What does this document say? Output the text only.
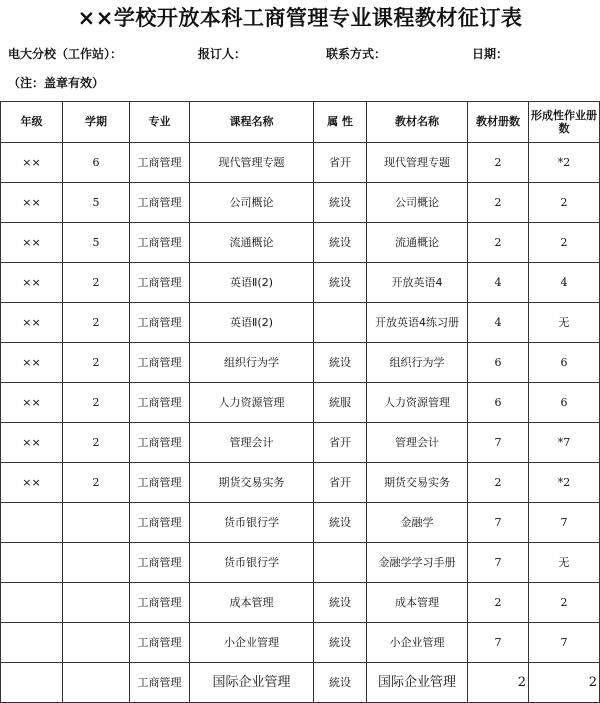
××学校开放本科工商管理专业课程教材征订表
电大分校（工作站）：	报订人：	联系方式：	日期：
（注：盖章有效）
年级	学期	专业	课程名称	属 性	教材名称	教材册数	形成性作业册数
××	6	工商管理	现代管理专题	省开	现代管理专题	2	*2
××	5	工商管理	公司概论	統设	公司概论	2	2
××	5	工商管理	流通概论	統设	流通概论	2	2
××	2	工商管理	英语Ⅱ(2)	統设	开放英语4	4	4
××	2	工商管理	英语Ⅱ(2)		开放英语4练习册	4	无
××	2	工商管理	组织行为学	統设	组织行为学	6	6
××	2	工商管理	人力资源管理	統服	人力资源管理	6	6
××	2	工商管理	管理会计	省开	管理会计	7	*7
××	2	工商管理	期货交易实务	省开	期货交易实务	2	*2
		工商管理	货币银行学	統设	金融学	7	7
		工商管理	货币银行学		金融学学习手册	7	无
		工商管理	成本管理	統设	成本管理	2	2
		工商管理	小企业管理	統设	小企业管理	7	7
		工商管理	国际企业管理	統设	国际企业管理	2	2
